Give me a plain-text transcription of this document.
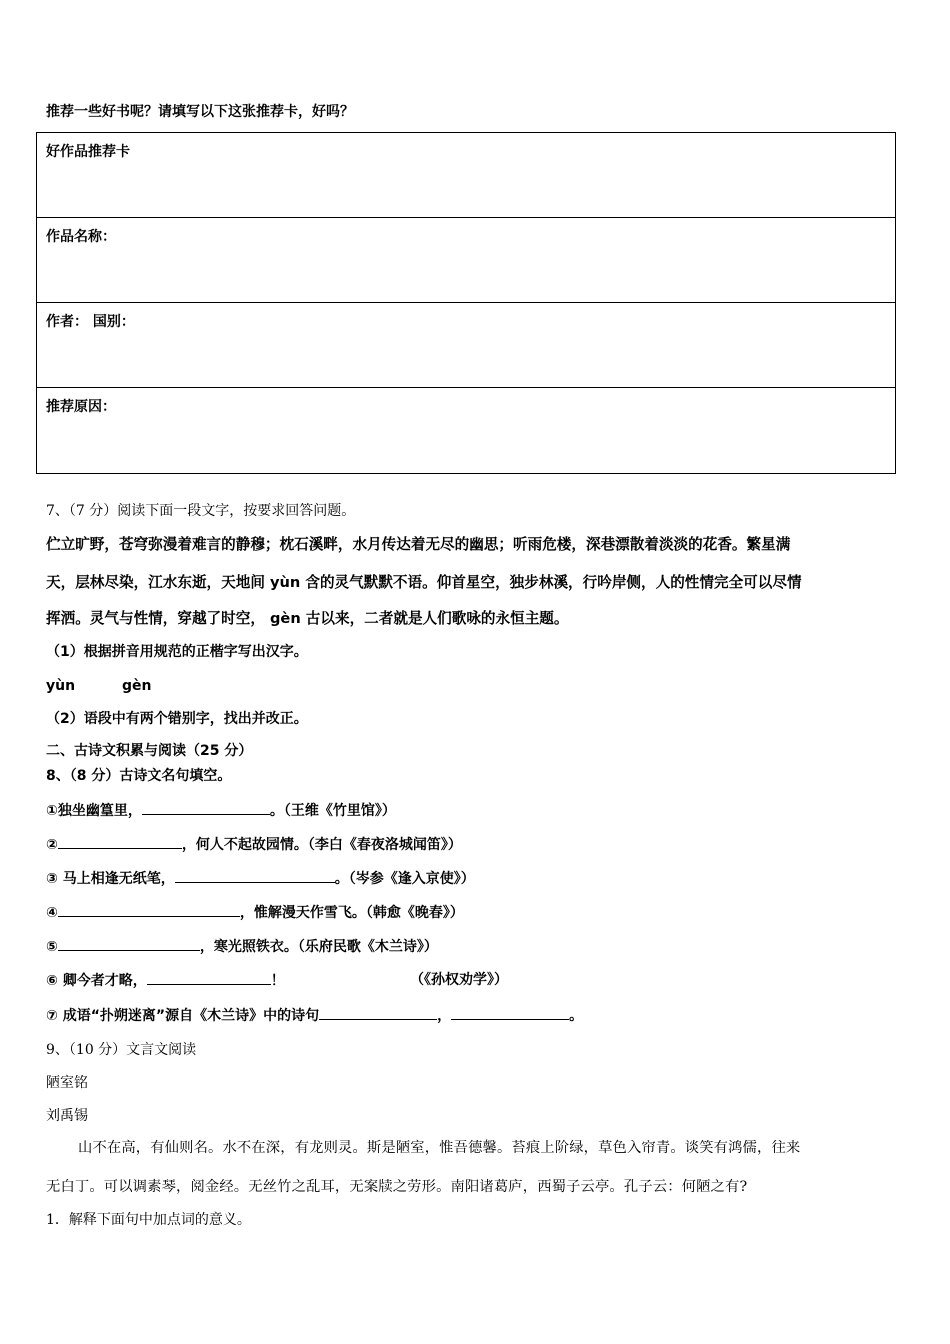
推荐一些好书呢？请填写以下这张推荐卡，好吗？
好作品推荐卡
作品名称：
作者： 国别：
推荐原因：
7、（7 分）阅读下面一段文字，按要求回答问题。
伫立旷野，苍穹弥漫着难言的静穆；枕石溪畔，水月传达着无尽的幽思；听雨危楼，深巷漂散着淡淡的花香。繁星满
天，层林尽染，江水东逝，天地间 yùn 含的灵气默默不语。仰首星空，独步林溪，行吟岸侧，人的性情完全可以尽情
挥洒。灵气与性情，穿越了时空， gèn 古以来，二者就是人们歌咏的永恒主题。
（1）根据拼音用规范的正楷字写出汉字。
yùn	gèn
（2）语段中有两个错别字，找出并改正。
二、古诗文积累与阅读（25 分）
8、（8 分）古诗文名句填空。
①独坐幽篁里，	。（王维《竹里馆》）
②	，何人不起故园情。（李白《春夜洛城闻笛》）
③ 马上相逢无纸笔，	。（岑参《逢入京使》）
④	，惟解漫天作雪飞。（韩愈《晚春》）
⑤	，寒光照铁衣。（乐府民歌《木兰诗》）
⑥ 卿今者才略，	！	（《孙权劝学》）
⑦ 成语“扑朔迷离”源自《木兰诗》中的诗句	，	。
9、（10 分）文言文阅读
陋室铭
刘禹锡
山不在高，有仙则名。水不在深，有龙则灵。斯是陋室，惟吾德馨。苔痕上阶绿，草色入帘青。谈笑有鸿儒，往来
无白丁。可以调素琴，阅金经。无丝竹之乱耳，无案牍之劳形。南阳诸葛庐，西蜀子云亭。孔子云：何陋之有?
1．解释下面句中加点词的意义。
